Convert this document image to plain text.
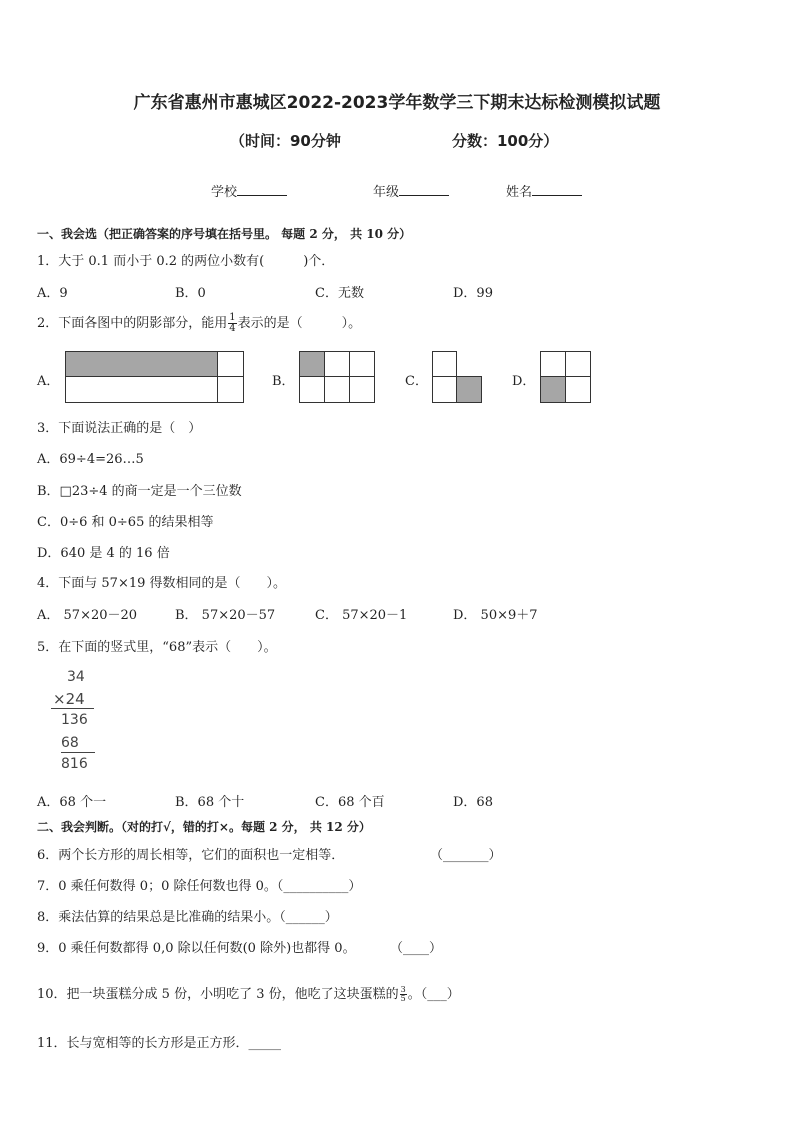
广东省惠州市惠城区2022-2023学年数学三下期末达标检测模拟试题
（时间：90分钟	分数：100分）
学校	年级	姓名
一、我会选（把正确答案的序号填在括号里。 每题 2 分， 共 10 分）
1．大于 0.1 而小于 0.2 的两位小数有(　　　)个．
A．9	B．0	C．无数	D．99
2．下面各图中的阴影部分，能用 $\frac{1}{4}$ 表示的是（　　　）。
A．	B．	C．	D．
3．下面说法正确的是（　）
A．69÷4=26…5
B．□23÷4 的商一定是一个三位数
C．0÷6 和 0÷65 的结果相等
D．640 是 4 的 16 倍
4．下面与 57×19 得数相同的是（　　）。
A． 57×20－20	B． 57×20－57	C． 57×20－1	D． 50×9＋7
5．在下面的竖式里，“68”表示（　　）。
34
×24
136
68
816
A．68 个一	B．68 个十	C．68 个百	D．68
二、我会判断。（对的打√，错的打×。每题 2 分， 共 12 分）
6．两个长方形的周长相等，它们的面积也一定相等．	（_______）
7．0 乘任何数得 0；0 除任何数也得 0。（__________）
8．乘法估算的结果总是比准确的结果小。（______）
9．0 乘任何数都得 0,0 除以任何数(0 除外)也都得 0。	（____）
10．把一块蛋糕分成 5 份，小明吃了 3 份，他吃了这块蛋糕的 $\frac{3}{5}$ 。（___）
11．长与宽相等的长方形是正方形．_____
